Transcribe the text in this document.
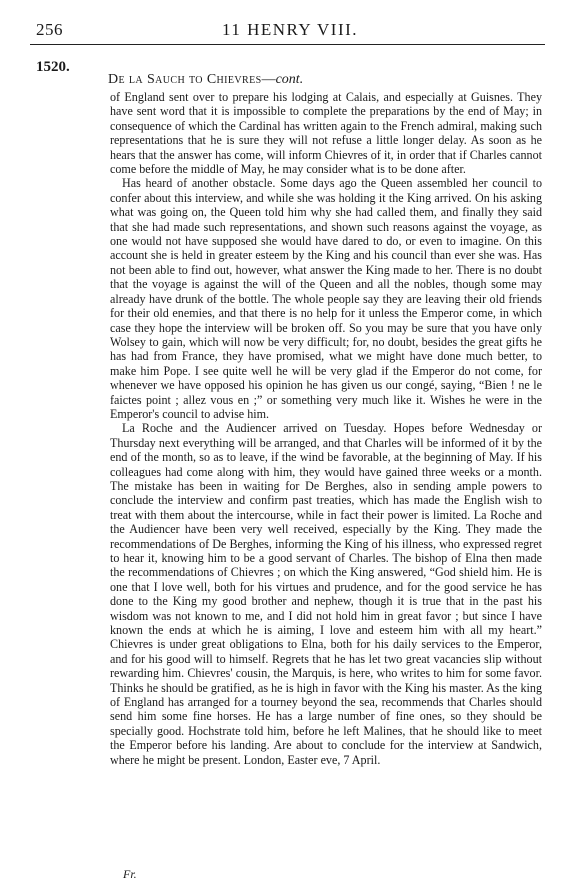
256	11 HENRY VIII.
1520.
De la Sauch to Chievres—cont.

of England sent over to prepare his lodging at Calais, and especially at Guisnes. They have sent word that it is impossible to complete the preparations by the end of May; in consequence of which the Cardinal has written again to the French admiral, making such representations that he is sure they will not refuse a little longer delay. As soon as he hears that the answer has come, will inform Chievres of it, in order that if Charles cannot come before the middle of May, he may consider what is to be done after.

Has heard of another obstacle. Some days ago the Queen assembled her council to confer about this interview, and while she was holding it the King arrived. On his asking what was going on, the Queen told him why she had called them, and finally they said that she had made such representations, and shown such reasons against the voyage, as one would not have supposed she would have dared to do, or even to imagine. On this account she is held in greater esteem by the King and his council than ever she was. Has not been able to find out, however, what answer the King made to her. There is no doubt that the voyage is against the will of the Queen and all the nobles, though some may already have drunk of the bottle. The whole people say they are leaving their old friends for their old enemies, and that there is no help for it unless the Emperor come, in which case they hope the interview will be broken off. So you may be sure that you have only Wolsey to gain, which will now be very difficult; for, no doubt, besides the great gifts he has had from France, they have promised, what we might have done much better, to make him Pope. I see quite well he will be very glad if the Emperor do not come, for whenever we have opposed his opinion he has given us our congé, saying, “Bien ! ne le faictes point ; allez vous en ;” or something very much like it. Wishes he were in the Emperor's council to advise him.

La Roche and the Audiencer arrived on Tuesday. Hopes before Wednesday or Thursday next everything will be arranged, and that Charles will be informed of it by the end of the month, so as to leave, if the wind be favorable, at the beginning of May. If his colleagues had come along with him, they would have gained three weeks or a month. The mistake has been in waiting for De Berghes, also in sending ample powers to conclude the interview and confirm past treaties, which has made the English wish to treat with them about the intercourse, while in fact their power is limited. La Roche and the Audiencer have been very well received, especially by the King. They made the recommendations of De Berghes, informing the King of his illness, who expressed regret to hear it, knowing him to be a good servant of Charles. The bishop of Elna then made the recommendations of Chievres ; on which the King answered, “God shield him. He is one that I love well, both for his virtues and prudence, and for the good service he has done to the King my good brother and nephew, though it is true that in the past his wisdom was not known to me, and I did not hold him in great favor ; but since I have known the ends at which he is aiming, I love and esteem him with all my heart.” Chievres is under great obligations to Elna, both for his daily services to the Emperor, and for his good will to himself. Regrets that he has let two great vacancies slip without rewarding him. Chievres' cousin, the Marquis, is here, who writes to him for some favor. Thinks he should be gratified, as he is high in favor with the King his master. As the king of England has arranged for a tourney beyond the sea, recommends that Charles should send him some fine horses. He has a large number of fine ones, so they should be specially good. Hochstrate told him, before he left Malines, that he should like to meet the Emperor before his landing. Are about to conclude for the interview at Sandwich, where he might be present. London, Easter eve, 7 April.

Fr.
